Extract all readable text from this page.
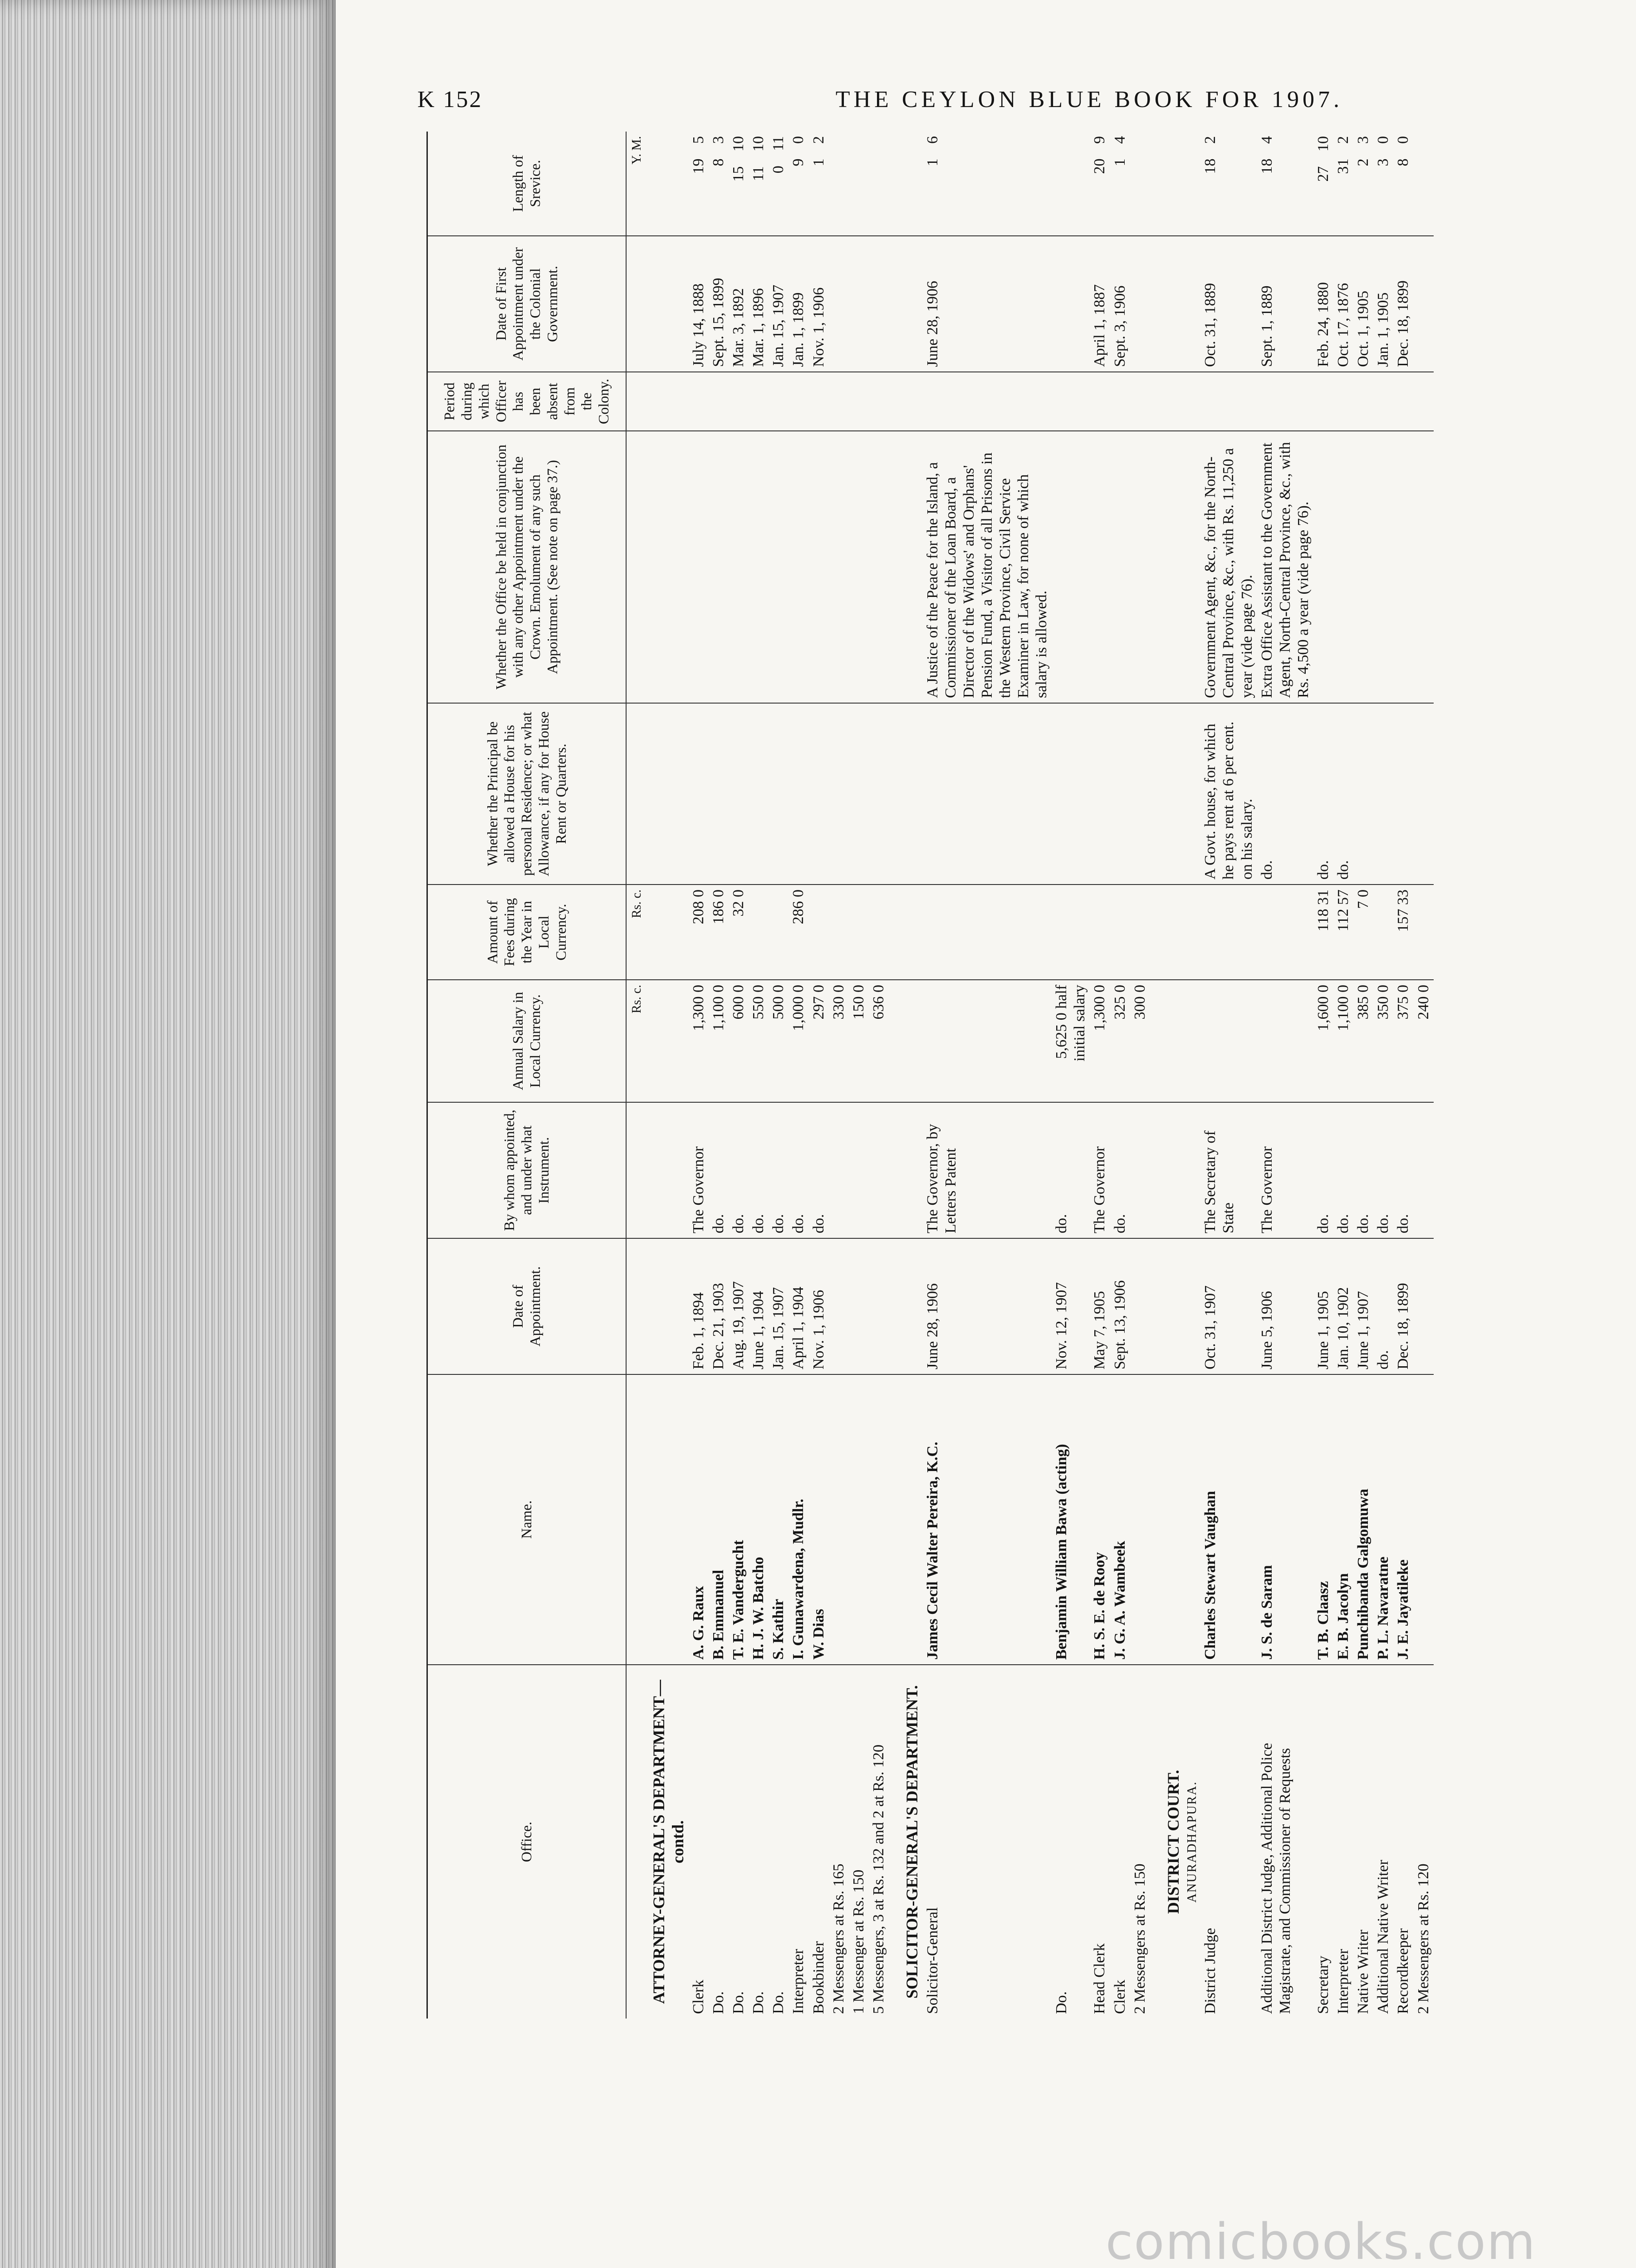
K 152	THE CEYLON BLUE BOOK FOR 1907.
Office.	Name.	Date of Appointment.	By whom appointed, and under what Instrument.	Annual Salary in Local Currency.	Amount of Fees during the Year in Local Currency.	Whether the Principal be allowed a House for his personal Residence; or what Allowance, if any for House Rent or Quarters.	Whether the Office be held in conjunction with any other Appointment under the Crown. Emolument of any such Appointment. (See note on page 37.)	Period during which Officer has been absent from the Colony.	Date of First Appointment under the Colonial Government.	Length of Srevice.
				Rs. c.	Rs. c.					Y. M.
ATTORNEY-GENERAL'S DEPARTMENT—contd.										
Clerk	A. G. Raux	Feb. 1, 1894	The Governor	1,300 0	208 0				July 14, 1888	19 5
Do.	B. Emmanuel	Dec. 21, 1903	do.	1,100 0	186 0				Sept. 15, 1899	8 3
Do.	T. E. Vandergucht	Aug. 19, 1907	do.	600 0	32 0				Mar. 3, 1892	15 10
Do.	H. J. W. Batcho	June 1, 1904	do.	550 0					Mar. 1, 1896	11 10
Do.	S. Kathir	Jan. 15, 1907	do.	500 0					Jan. 15, 1907	0 11
Interpreter	I. Gunawardena, Mudlr.	April 1, 1904	do.	1,000 0	286 0				Jan. 1, 1899	9 0
Bookbinder	W. Dias	Nov. 1, 1906	do.	297 0					Nov. 1, 1906	1 2
2 Messengers at Rs. 165				330 0						
1 Messenger at Rs. 150				150 0						
5 Messengers, 3 at Rs. 132 and 2 at Rs. 120				636 0						
SOLICITOR-GENERAL'S DEPARTMENT.										
Solicitor-General	James Cecil Walter Pereira, K.C.	June 28, 1906	The Governor, by Letters Patent				A Justice of the Peace for the Island, a Commissioner of the Loan Board, a Director of the Widows' and Orphans' Pension Fund, a Visitor of all Prisons in the Western Province, Civil Service Examiner in Law, for none of which salary is allowed.		June 28, 1906	1 6
Do.	Benjamin William Bawa (acting)	Nov. 12, 1907	do.	5,625 0 half initial salary						
Head Clerk	H. S. E. de Rooy	May 7, 1905	The Governor	1,300 0					April 1, 1887	20 9
Clerk	J. G. A. Wambeek	Sept. 13, 1906	do.	325 0					Sept. 3, 1906	1 4
2 Messengers at Rs. 150				300 0						
DISTRICT COURT.										
ANURADHAPURA.										
District Judge	Charles Stewart Vaughan	Oct. 31, 1907	The Secretary of State			A Govt. house, for which he pays rent at 6 per cent. on his salary.	Government Agent, &c., for the North-Central Province, &c., with Rs. 11,250 a year (vide page 76).		Oct. 31, 1889	18 2
Additional District Judge, Additional Police Magistrate, and Commissioner of Requests	J. S. de Saram	June 5, 1906	The Governor			do.	Extra Office Assistant to the Government Agent, North-Central Province, &c., with Rs. 4,500 a year (vide page 76).		Sept. 1, 1889	18 4
Secretary	T. B. Claasz	June 1, 1905	do.	1,600 0	118 31	do.			Feb. 24, 1880	27 10
Interpreter	E. B. Jacolyn	Jan. 10, 1902	do.	1,100 0	112 57	do.			Oct. 17, 1876	31 2
Native Writer	Punchibanda Galgomuwa	June 1, 1907	do.	385 0	7 0				Oct. 1, 1905	2 3
Additional Native Writer	P. L. Navaratne	do.	do.	350 0					Jan. 1, 1905	3 0
Recordkeeper	J. E. Jayatileke	Dec. 18, 1899	do.	375 0	157 33				Dec. 18, 1899	8 0
2 Messengers at Rs. 120				240 0						
comicbooks.com
